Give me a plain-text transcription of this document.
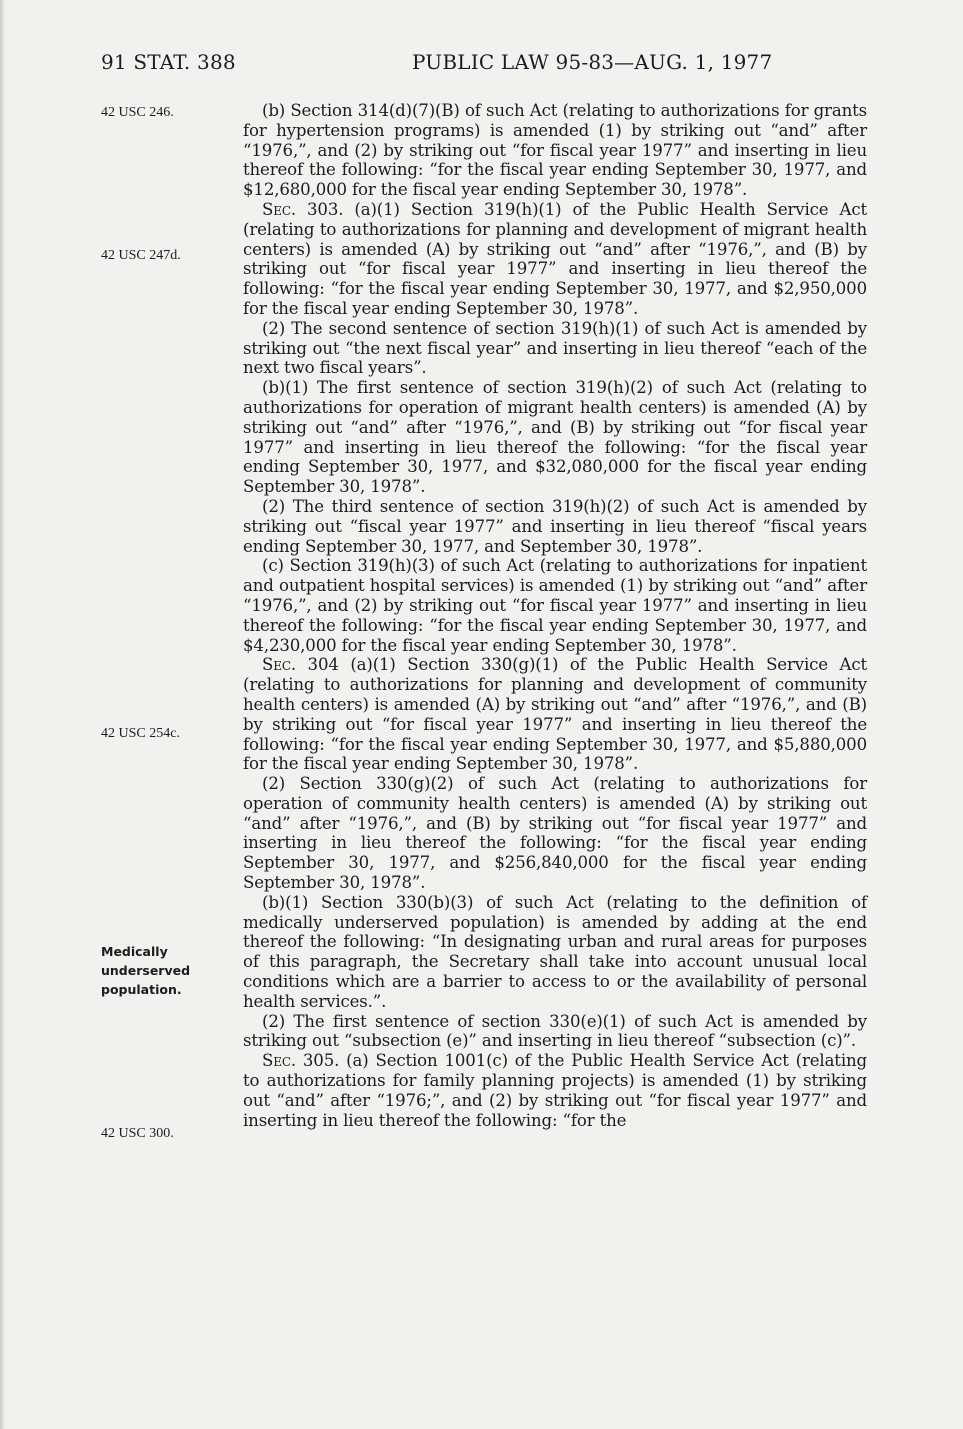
91 STAT. 388	PUBLIC LAW 95-83—AUG. 1, 1977
42 USC 246.
42 USC 247d.
42 USC 254c.
Medically
underserved
population.
42 USC 300.

(b) Section 314(d)(7)(B) of such Act (relating to authorizations for grants for hypertension programs) is amended (1) by striking out “and” after “1976,”, and (2) by striking out “for fiscal year 1977” and inserting in lieu thereof the following: “for the fiscal year ending September 30, 1977, and $12,680,000 for the fiscal year ending September 30, 1978”.

Sec. 303. (a)(1) Section 319(h)(1) of the Public Health Service Act (relating to authorizations for planning and development of migrant health centers) is amended (A) by striking out “and” after “1976,”, and (B) by striking out “for fiscal year 1977” and inserting in lieu thereof the following: “for the fiscal year ending September 30, 1977, and $2,950,000 for the fiscal year ending September 30, 1978”.

(2) The second sentence of section 319(h)(1) of such Act is amended by striking out “the next fiscal year” and inserting in lieu thereof “each of the next two fiscal years”.

(b)(1) The first sentence of section 319(h)(2) of such Act (relating to authorizations for operation of migrant health centers) is amended (A) by striking out “and” after “1976,”, and (B) by striking out “for fiscal year 1977” and inserting in lieu thereof the following: “for the fiscal year ending September 30, 1977, and $32,080,000 for the fiscal year ending September 30, 1978”.

(2) The third sentence of section 319(h)(2) of such Act is amended by striking out “fiscal year 1977” and inserting in lieu thereof “fiscal years ending September 30, 1977, and September 30, 1978”.

(c) Section 319(h)(3) of such Act (relating to authorizations for inpatient and outpatient hospital services) is amended (1) by striking out “and” after “1976,”, and (2) by striking out “for fiscal year 1977” and inserting in lieu thereof the following: “for the fiscal year ending September 30, 1977, and $4,230,000 for the fiscal year ending September 30, 1978”.

Sec. 304 (a)(1) Section 330(g)(1) of the Public Health Service Act (relating to authorizations for planning and development of community health centers) is amended (A) by striking out “and” after “1976,”, and (B) by striking out “for fiscal year 1977” and inserting in lieu thereof the following: “for the fiscal year ending September 30, 1977, and $5,880,000 for the fiscal year ending September 30, 1978”.

(2) Section 330(g)(2) of such Act (relating to authorizations for operation of community health centers) is amended (A) by striking out “and” after “1976,”, and (B) by striking out “for fiscal year 1977” and inserting in lieu thereof the following: “for the fiscal year ending September 30, 1977, and $256,840,000 for the fiscal year ending September 30, 1978”.

(b)(1) Section 330(b)(3) of such Act (relating to the definition of medically underserved population) is amended by adding at the end thereof the following: “In designating urban and rural areas for purposes of this paragraph, the Secretary shall take into account unusual local conditions which are a barrier to access to or the availability of personal health services.”.

(2) The first sentence of section 330(e)(1) of such Act is amended by striking out “subsection (e)” and inserting in lieu thereof “subsection (c)”.

Sec. 305. (a) Section 1001(c) of the Public Health Service Act (relating to authorizations for family planning projects) is amended (1) by striking out “and” after “1976;”, and (2) by striking out “for fiscal year 1977” and inserting in lieu thereof the following: “for the
